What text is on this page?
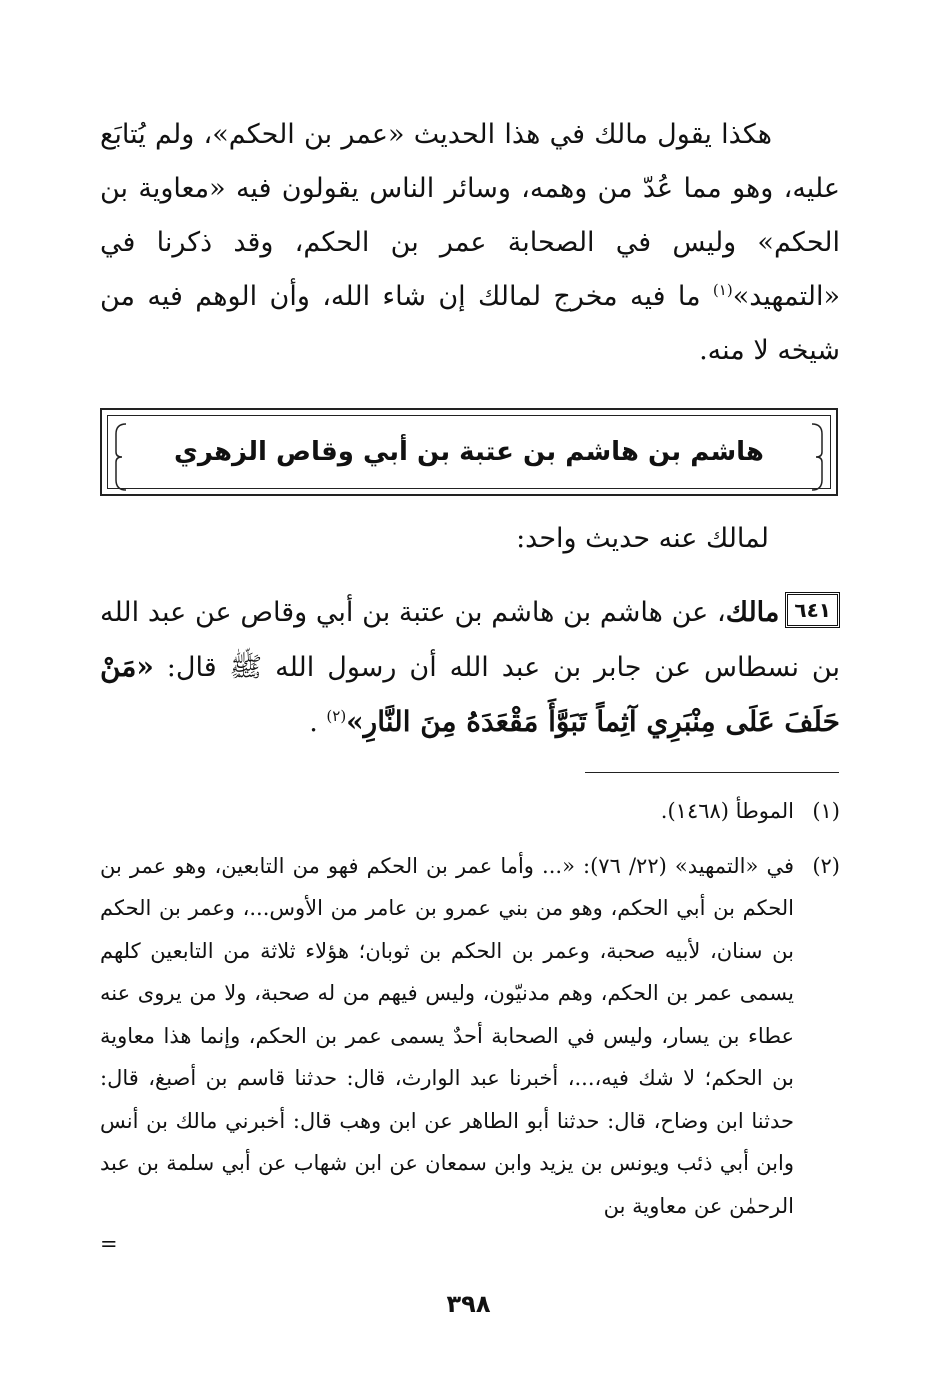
هكذا يقول مالك في هذا الحديث «عمر بن الحكم»، ولم يُتابَع عليه، وهو مما عُدّ من وهمه، وسائر الناس يقولون فيه «معاوية بن الحكم» وليس في الصحابة عمر بن الحكم، وقد ذكرنا في «التمهيد»$^{(١)}$ ما فيه مخرج لمالك إن شاء الله، وأن الوهم فيه من شيخه لا منه.

هاشم بن هاشم بن عتبة بن أبي وقاص الزهري

لمالك عنه حديث واحد:

٦٤١مالك، عن هاشم بن هاشم بن عتبة بن أبي وقاص عن عبد الله بن نسطاس عن جابر بن عبد الله أن رسول الله ﷺ قال: «مَنْ حَلَفَ عَلَى مِنْبَرِي آثِماً تَبَوَّأَ مَقْعَدَهُ مِنَ النَّارِ»$^{(٢)}$ .

(١)
الموطأ (١٤٦٨).
(٢)
في «التمهيد» (٢٢/ ٧٦): «... وأما عمر بن الحكم فهو من التابعين، وهو عمر بن الحكم بن أبي الحكم، وهو من بني عمرو بن عامر من الأوس...، وعمر بن الحكم بن سنان، لأبيه صحبة، وعمر بن الحكم بن ثوبان؛ هؤلاء ثلاثة من التابعين كلهم يسمى عمر بن الحكم، وهم مدنيّون، وليس فيهم من له صحبة، ولا من يروى عنه عطاء بن يسار، وليس في الصحابة أحدٌ يسمى عمر بن الحكم، وإنما هذا معاوية بن الحكم؛ لا شك فيه،...، أخبرنا عبد الوارث، قال: حدثنا قاسم بن أصبغ، قال: حدثنا ابن وضاح، قال: حدثنا أبو الطاهر عن ابن وهب قال: أخبرني مالك بن أنس وابن أبي ذئب ويونس بن يزيد وابن سمعان عن ابن شهاب عن أبي سلمة بن عبد الرحمٰن عن معاوية بن
=
٣٩٨
